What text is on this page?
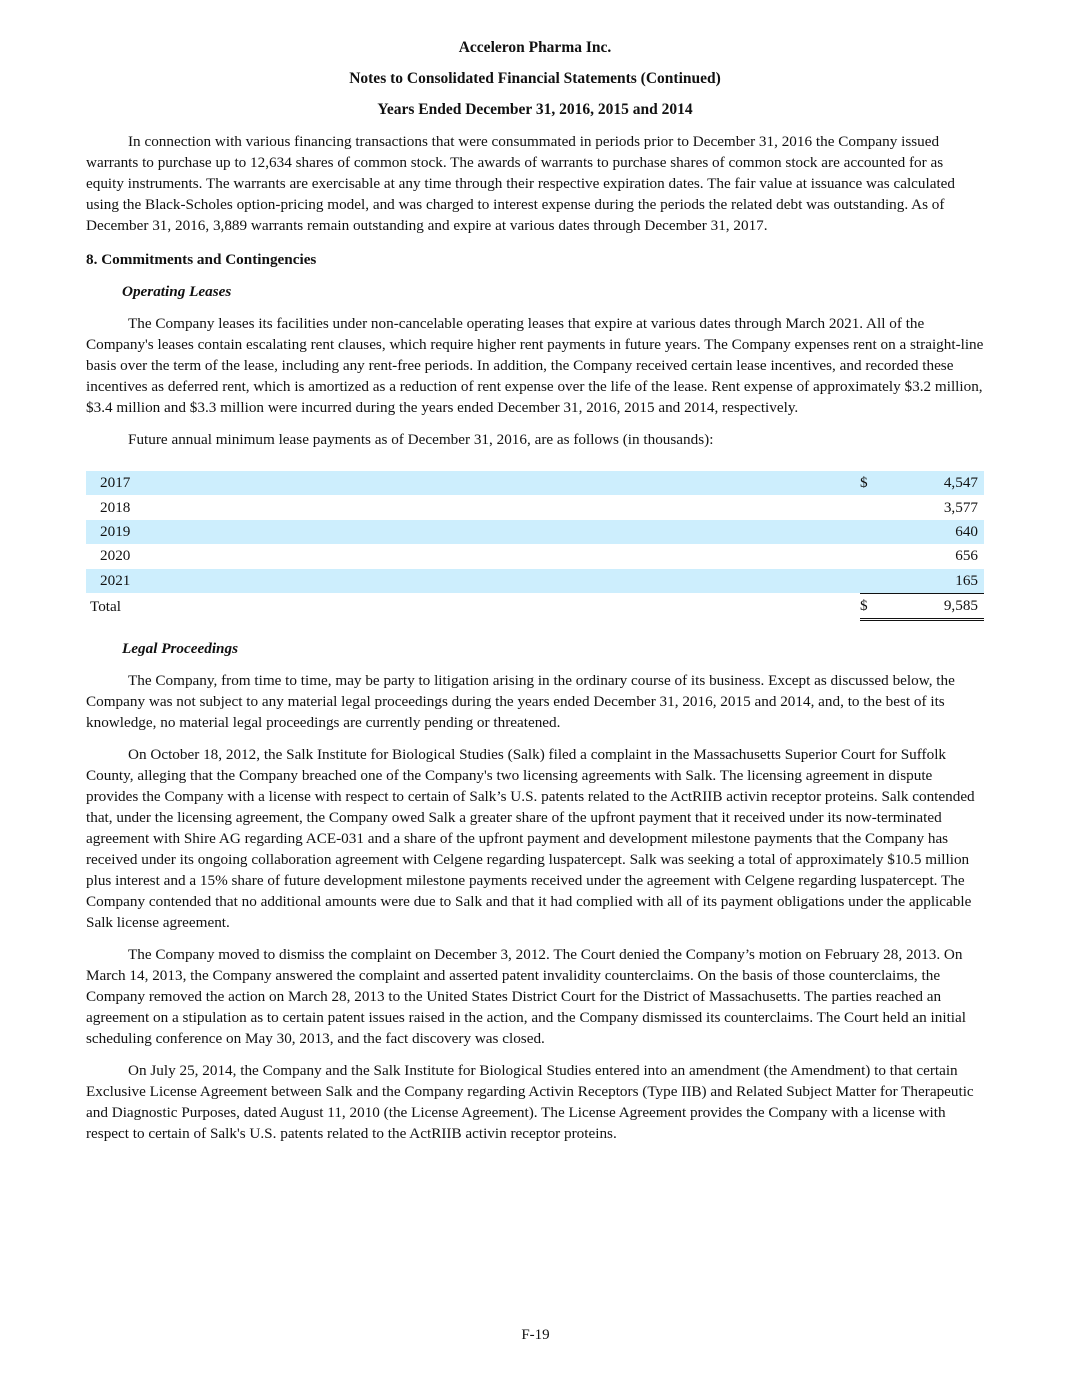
Acceleron Pharma Inc.

Notes to Consolidated Financial Statements (Continued)

Years Ended December 31, 2016, 2015 and 2014

In connection with various financing transactions that were consummated in periods prior to December 31, 2016 the Company issued warrants to purchase up to 12,634 shares of common stock. The awards of warrants to purchase shares of common stock are accounted for as equity instruments. The warrants are exercisable at any time through their respective expiration dates. The fair value at issuance was calculated using the Black-Scholes option-pricing model, and was charged to interest expense during the periods the related debt was outstanding. As of December 31, 2016, 3,889 warrants remain outstanding and expire at various dates through December 31, 2017.

8. Commitments and Contingencies

Operating Leases

The Company leases its facilities under non-cancelable operating leases that expire at various dates through March 2021. All of the Company's leases contain escalating rent clauses, which require higher rent payments in future years. The Company expenses rent on a straight-line basis over the term of the lease, including any rent-free periods. In addition, the Company received certain lease incentives, and recorded these incentives as deferred rent, which is amortized as a reduction of rent expense over the life of the lease. Rent expense of approximately $3.2 million, $3.4 million and $3.3 million were incurred during the years ended December 31, 2016, 2015 and 2014, respectively.

Future annual minimum lease payments as of December 31, 2016, are as follows (in thousands):

2017	$	4,547
2018		3,577
2019		640
2020		656
2021		165
Total	$	9,585

Legal Proceedings

The Company, from time to time, may be party to litigation arising in the ordinary course of its business. Except as discussed below, the Company was not subject to any material legal proceedings during the years ended December 31, 2016, 2015 and 2014, and, to the best of its knowledge, no material legal proceedings are currently pending or threatened.

On October 18, 2012, the Salk Institute for Biological Studies (Salk) filed a complaint in the Massachusetts Superior Court for Suffolk County, alleging that the Company breached one of the Company's two licensing agreements with Salk. The licensing agreement in dispute provides the Company with a license with respect to certain of Salk’s U.S. patents related to the ActRIIB activin receptor proteins. Salk contended that, under the licensing agreement, the Company owed Salk a greater share of the upfront payment that it received under its now-terminated agreement with Shire AG regarding ACE-031 and a share of the upfront payment and development milestone payments that the Company has received under its ongoing collaboration agreement with Celgene regarding luspatercept. Salk was seeking a total of approximately $10.5 million plus interest and a 15% share of future development milestone payments received under the agreement with Celgene regarding luspatercept. The Company contended that no additional amounts were due to Salk and that it had complied with all of its payment obligations under the applicable Salk license agreement.

The Company moved to dismiss the complaint on December 3, 2012. The Court denied the Company’s motion on February 28, 2013. On March 14, 2013, the Company answered the complaint and asserted patent invalidity counterclaims. On the basis of those counterclaims, the Company removed the action on March 28, 2013 to the United States District Court for the District of Massachusetts. The parties reached an agreement on a stipulation as to certain patent issues raised in the action, and the Company dismissed its counterclaims. The Court held an initial scheduling conference on May 30, 2013, and the fact discovery was closed.

On July 25, 2014, the Company and the Salk Institute for Biological Studies entered into an amendment (the Amendment) to that certain Exclusive License Agreement between Salk and the Company regarding Activin Receptors (Type IIB) and Related Subject Matter for Therapeutic and Diagnostic Purposes, dated August 11, 2010 (the License Agreement). The License Agreement provides the Company with a license with respect to certain of Salk's U.S. patents related to the ActRIIB activin receptor proteins.

F-19
